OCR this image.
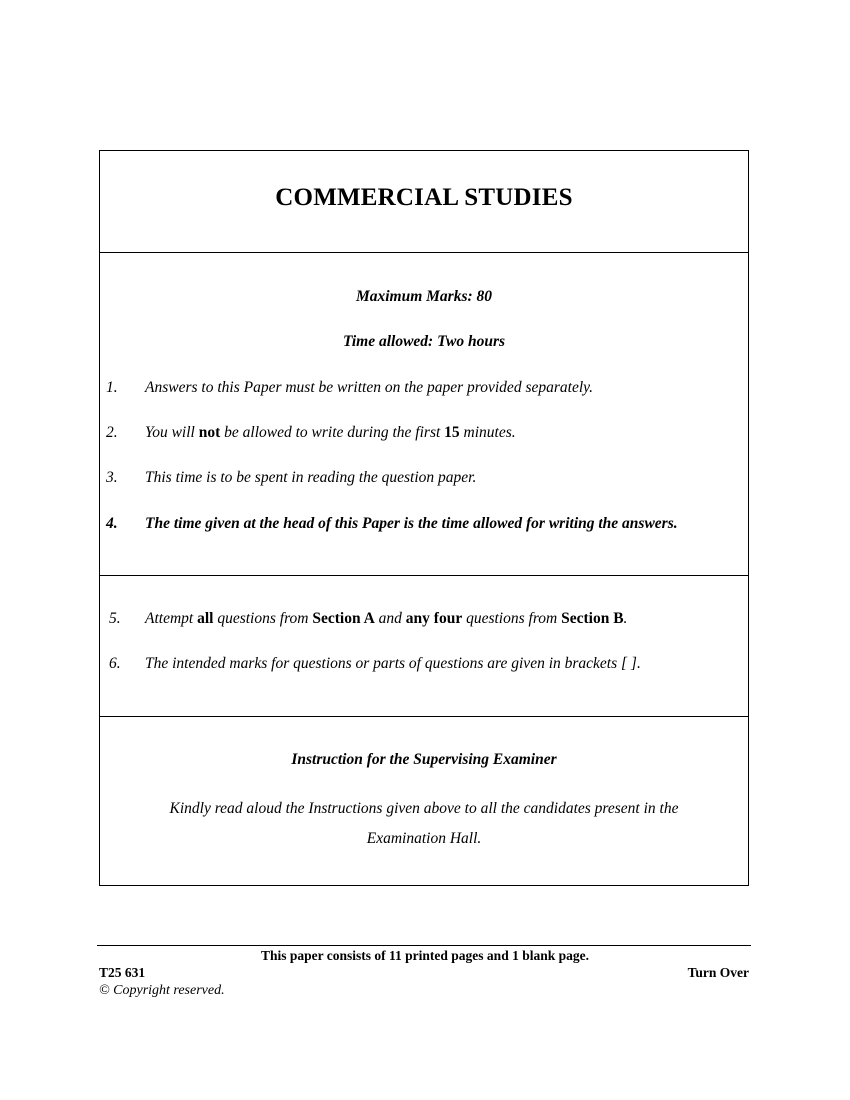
COMMERCIAL STUDIES
Maximum Marks: 80
Time allowed: Two hours
1. Answers to this Paper must be written on the paper provided separately.
2. You will not be allowed to write during the first 15 minutes.
3. This time is to be spent in reading the question paper.
4. The time given at the head of this Paper is the time allowed for writing the answers.
5. Attempt all questions from Section A and any four questions from Section B.
6. The intended marks for questions or parts of questions are given in brackets [ ].
Instruction for the Supervising Examiner
Kindly read aloud the Instructions given above to all the candidates present in the Examination Hall.
This paper consists of 11 printed pages and 1 blank page.
T25 631	Turn Over
© Copyright reserved.
